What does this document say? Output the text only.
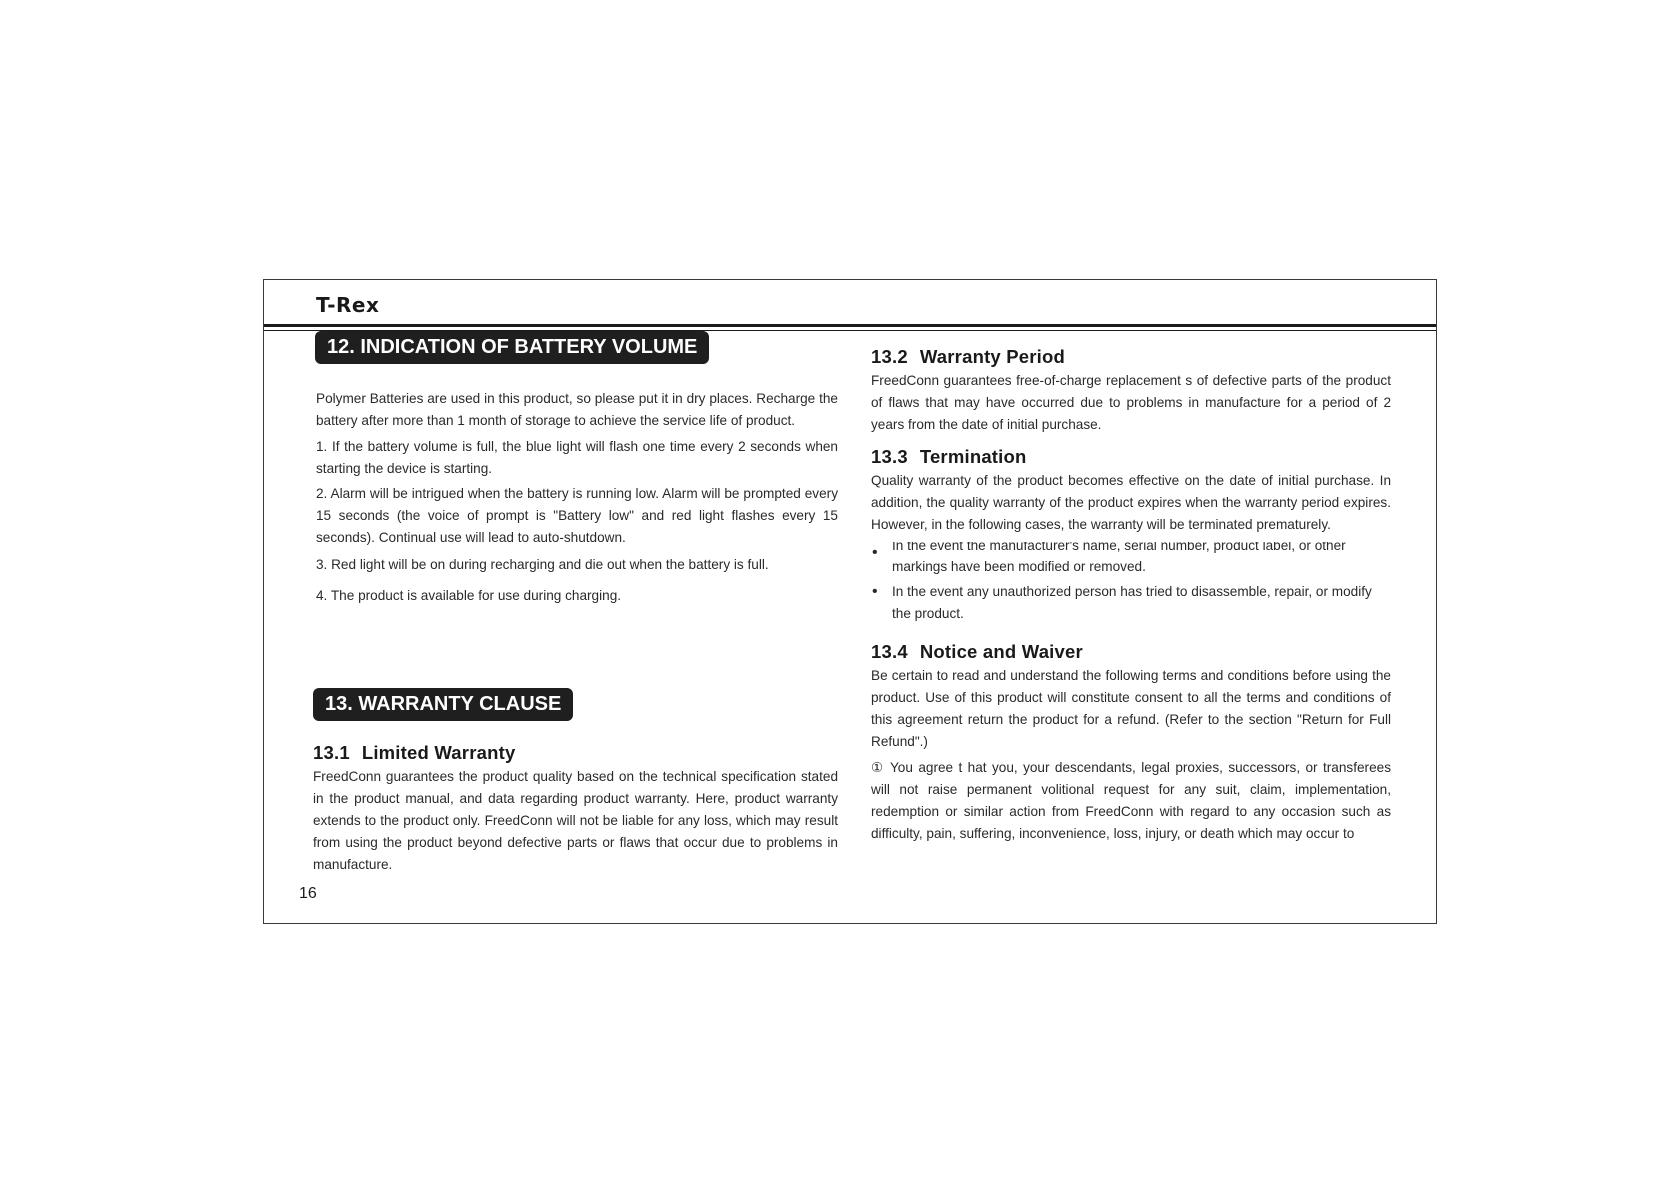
T-Rex
12. INDICATION OF BATTERY VOLUME

Polymer Batteries are used in this product, so please put it in dry places. Recharge the battery after more than 1 month of storage to achieve the service life of product.

1. If the battery volume is full, the blue light will flash one time every 2 seconds when starting the device is starting.

2. Alarm will be intrigued when the battery is running low. Alarm will be prompted every 15 seconds (the voice of prompt is "Battery low" and red light flashes every 15 seconds). Continual use will lead to auto-shutdown.

3. Red light will be on during recharging and die out when the battery is full.

4. The product is available for use during charging.

13. WARRANTY CLAUSE
13.1 Limited Warranty

FreedConn guarantees the product quality based on the technical specification stated in the product manual, and data regarding product warranty. Here, product warranty extends to the product only. FreedConn will not be liable for any loss, which may result from using the product beyond defective parts or flaws that occur due to problems in manufacture.

16
13.2 Warranty Period

FreedConn guarantees free-of-charge replacement s of defective parts of the product of flaws that may have occurred due to problems in manufacture for a period of 2 years from the date of initial purchase.

13.3 Termination

Quality warranty of the product becomes effective on the date of initial purchase. In addition, the quality warranty of the product expires when the warranty period expires. However, in the following cases, the warranty will be terminated prematurely.

• In the event the manufacturer's name, serial number, product label, or other
markings have been modified or removed.
• In the event any unauthorized person has tried to disassemble, repair, or modify the product.
13.4 Notice and Waiver

Be certain to read and understand the following terms and conditions before using the product. Use of this product will constitute consent to all the terms and conditions of this agreement return the product for a refund. (Refer to the section "Return for Full Refund".)

① You agree t hat you, your descendants, legal proxies, successors, or transferees will not raise permanent volitional request for any suit, claim, implementation, redemption or similar action from FreedConn with regard to any occasion such as difficulty, pain, suffering, inconvenience, loss, injury, or death which may occur to
